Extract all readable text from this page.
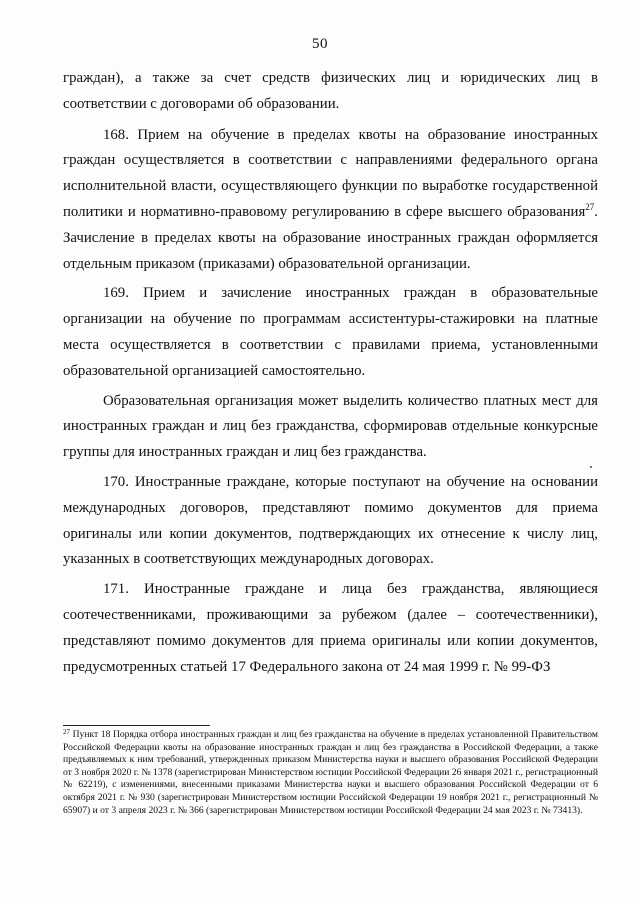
50

граждан), а также за счет средств физических лиц и юридических лиц в соответствии с договорами об образовании.

168. Прием на обучение в пределах квоты на образование иностранных граждан осуществляется в соответствии с направлениями федерального органа исполнительной власти, осуществляющего функции по выработке государственной политики и нормативно-правовому регулированию в сфере высшего образования$^{27}$. Зачисление в пределах квоты на образование иностранных граждан оформляется отдельным приказом (приказами) образовательной организации.

169. Прием и зачисление иностранных граждан в образовательные организации на обучение по программам ассистентуры-стажировки на платные места осуществляется в соответствии с правилами приема, установленными образовательной организацией самостоятельно.

Образовательная организация может выделить количество платных мест для иностранных граждан и лиц без гражданства, сформировав отдельные конкурсные группы для иностранных граждан и лиц без гражданства.

170. Иностранные граждане, которые поступают на обучение на основании международных договоров, представляют помимо документов для приема оригиналы или копии документов, подтверждающих их отнесение к числу лиц, указанных в соответствующих международных договорах.

171. Иностранные граждане и лица без гражданства, являющиеся соотечественниками, проживающими за рубежом (далее – соотечественники), представляют помимо документов для приема оригиналы или копии документов, предусмотренных статьей 17 Федерального закона от 24 мая 1999 г. № 99-ФЗ

$^{27}$ Пункт 18 Порядка отбора иностранных граждан и лиц без гражданства на обучение в пределах установленной Правительством Российской Федерации квоты на образование иностранных граждан и лиц без гражданства в Российской Федерации, а также предъявляемых к ним требований, утвержденных приказом Министерства науки и высшего образования Российской Федерации от 3 ноября 2020 г. № 1378 (зарегистрирован Министерством юстиции Российской Федерации 26 января 2021 г., регистрационный № 62219), с изменениями, внесенными приказами Министерства науки и высшего образования Российской Федерации от 6 октября 2021 г. № 930 (зарегистрирован Министерством юстиции Российской Федерации 19 ноября 2021 г., регистрационный № 65907) и от 3 апреля 2023 г. № 366 (зарегистрирован Министерством юстиции Российской Федерации 24 мая 2023 г. № 73413).
